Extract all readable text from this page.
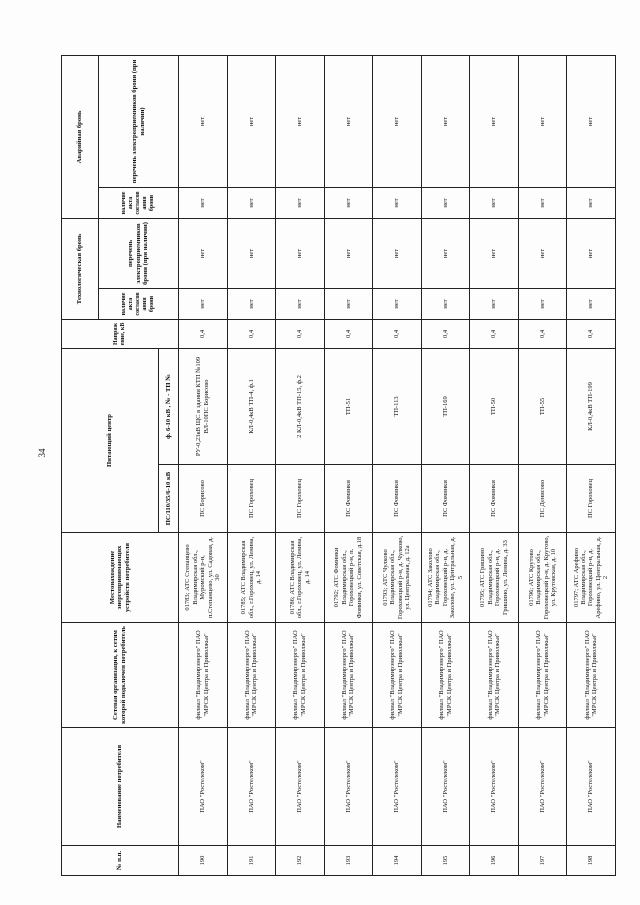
34
№ п.п.	Наименование потребителя	Сетевая организация, к сетям которой подключен потребитель	Местонахождение энергопринимающих устройств потребителя	Питающий центр		Напряжение, кВ	Технологическая бронь		Аварийная бронь	
							наличие акта согласования брони	перечень электроприемников брони (при наличии)	наличие акта согласования брони	перечень электроприемников брони (при наличии)
				ПС/110/35/6-10 кВ	ф. 6-10 кВ , № - ТП №					
190	ПАО "Ростелеком"	филиал "Владимирэнерго" ПАО "МРСК Центра и Приволжья"	01783; АТС Степанцево Владимирская обл., Муромский р-н, п.Степанцево, ул. Садовая, д. 30	ПС Борисово	РУ-0,23кВ ЩС в здании КТП №109 ВЛ-10ПС Борисово	0,4	нет	нет	нет	нет
191	ПАО "Ростелеком"	филиал "Владимирэнерго" ПАО "МРСК Центра и Приволжья"	01785; АТС Владимирская обл., г.Гороховец, ул. Ленина, д. 14	ПС Гороховец	КЛ-0,4кВ ТП-4, ф.1	0,4	нет	нет	нет	нет
192	ПАО "Ростелеком"	филиал "Владимирэнерго" ПАО "МРСК Центра и Приволжья"	01786; АТС Владимирская обл., г.Гороховец, ул. Ленина, д. 14	ПС Гороховец	2 КЛ-0,4кВ ТП-15, ф.2	0,4	нет	нет	нет	нет
193	ПАО "Ростелеком"	филиал "Владимирэнерго" ПАО "МРСК Центра и Приволжья"	01792; АТС Фоминки Владимирская обл., Гороховецкий р-н, п. Фоминки, ул. Советская, д.18	ПС Фоминки	ТП-51	0,4	нет	нет	нет	нет
194	ПАО "Ростелеком"	филиал "Владимирэнерго" ПАО "МРСК Центра и Приволжья"	01793; АТС Чулково Владимирская обл., Гороховецкий р-н, д. Чулково, ул. Центральная, д. 12а	ПС Фоминки	ТП-113	0,4	нет	нет	нет	нет
195	ПАО "Ростелеком"	филиал "Владимирэнерго" ПАО "МРСК Центра и Приволжья"	01794; АТС Заколово Владимирская обл., Гороховецкий р-н, д. Заколово, ул. Центральная, д. 5	ПС Фоминки	ТП-169	0,4	нет	нет	нет	нет
196	ПАО "Ростелеком"	филиал "Владимирэнерго" ПАО "МРСК Центра и Приволжья"	01795; АТС Гришино Владимирская обл., Гороховецкий р-н, д. Гришино, ул. Ленина, д. 33	ПС Фоминки	ТП-50	0,4	нет	нет	нет	нет
197	ПАО "Ростелеком"	филиал "Владимирэнерго" ПАО "МРСК Центра и Приволжья"	01796; АТС Крутово Владимирская обл., Гороховецкий р-н, д. Крутово, ул. Крутовская, д. 10	ПС Денисово	ТП-55	0,4	нет	нет	нет	нет
198	ПАО "Ростелеком"	филиал "Владимирэнерго" ПАО "МРСК Центра и Приволжья"	01797; АТС Арефино Владимирская обл., Гороховецкий р-н, д. Арефино, ул. Центральная, д. 2	ПС Гороховец	КЛ-0,4кВ ТП-199	0,4	нет	нет	нет	нет
